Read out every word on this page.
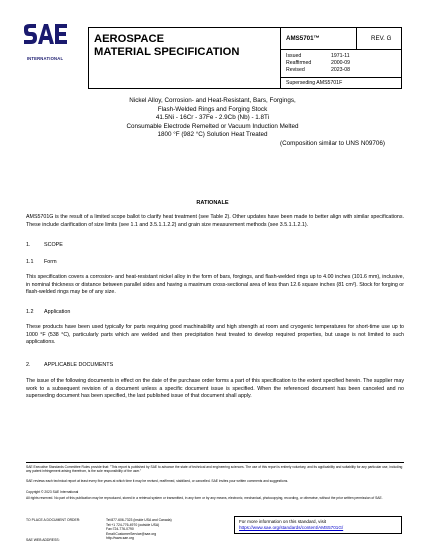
INTERNATIONAL
AEROSPACE
MATERIAL SPECIFICATION
AMS5701™	REV. G
Issued	1971-11
Reaffirmed	2000-09
Revised	2023-08
Superseding AMS5701F
Nickel Alloy, Corrosion- and Heat-Resistant, Bars, Forgings,
Flash-Welded Rings and Forging Stock
41.5Ni - 16Cr - 37Fe - 2.9Cb (Nb) - 1.8Ti
Consumable Electrode Remelted or Vacuum Induction Melted
1800 °F (982 °C) Solution Heat Treated
(Composition similar to UNS N09706)
RATIONALE
AMS5701G is the result of a limited scope ballot to clarify heat treatment (see Table 2). Other updates have been made to better align with similar specifications. These include clarification of size limits (see 1.1 and 3.5.1.1.2.2) and grain size measurement methods (see 3.5.1.1.2.1).
1.	SCOPE
1.1 Form
This specification covers a corrosion- and heat-resistant nickel alloy in the form of bars, forgings, and flash-welded rings up to 4.00 inches (101.6 mm), inclusive, in nominal thickness or distance between parallel sides and having a maximum cross-sectional area of less than 12.6 square inches (81 cm²). Stock for forging or flash-welded rings may be of any size.
1.2 Application
These products have been used typically for parts requiring good machinability and high strength at room and cryogenic temperatures for short-time use up to 1000 °F (538 °C), particularly parts which are welded and then precipitation heat treated to develop required properties, but usage is not limited to such applications.
2.	APPLICABLE DOCUMENTS
The issue of the following documents in effect on the date of the purchase order forms a part of this specification to the extent specified herein. The supplier may work to a subsequent revision of a document unless a specific document issue is specified. When the referenced document has been canceled and no superseding document has been specified, the last published issue of that document shall apply.
SAE Executive Standards Committee Rules provide that: "This report is published by SAE to advance the state of technical and engineering sciences. The use of this report is entirely voluntary, and its applicability and suitability for any particular use, including any patent infringement arising therefrom, is the sole responsibility of the user."
SAE reviews each technical report at least every five years at which time it may be revised, reaffirmed, stabilized, or cancelled. SAE invites your written comments and suggestions.
Copyright © 2023 SAE International
All rights reserved. No part of this publication may be reproduced, stored in a retrieval system or transmitted, in any form or by any means, electronic, mechanical, photocopying, recording, or otherwise, without the prior written permission of SAE.
TO PLACE A DOCUMENT ORDER:	Tel:877-606-7323 (inside USA and Canada)
Tel:+1 724-776-4970 (outside USA)
Fax:724-776-0790
Email:CustomerService@sae.org
http://www.sae.org
For more information on this standard, visit
https://www.sae.org/standards/content/AMS5701G/
SAE WEB ADDRESS:
